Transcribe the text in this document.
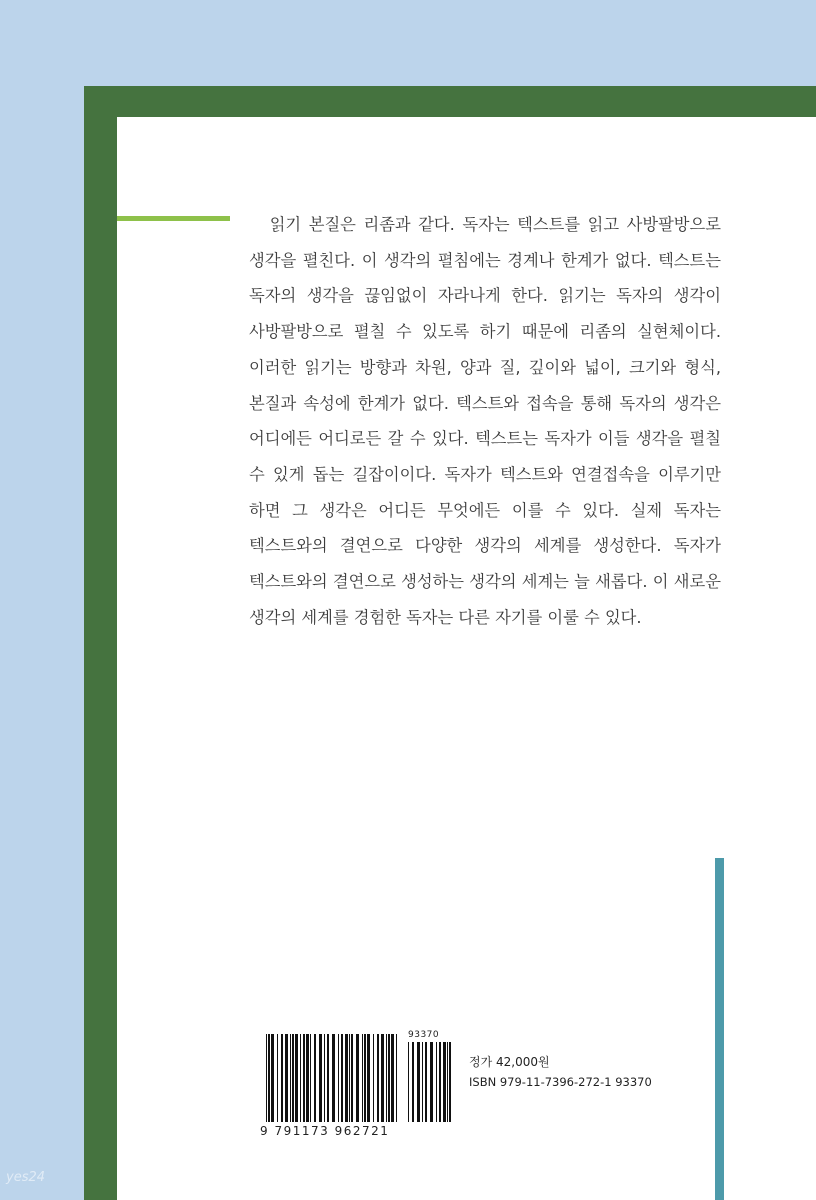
읽기 본질은 리좀과 같다. 독자는 텍스트를 읽고 사방팔방으로 생각을 펼친다. 이 생각의 펼침에는 경계나 한계가 없다. 텍스트는 독자의 생각을 끊임없이 자라나게 한다. 읽기는 독자의 생각이 사방팔방으로 펼칠 수 있도록 하기 때문에 리좀의 실현체이다. 이러한 읽기는 방향과 차원, 양과 질, 깊이와 넓이, 크기와 형식, 본질과 속성에 한계가 없다. 텍스트와 접속을 통해 독자의 생각은 어디에든 어디로든 갈 수 있다. 텍스트는 독자가 이들 생각을 펼칠 수 있게 돕는 길잡이이다. 독자가 텍스트와 연결접속을 이루기만 하면 그 생각은 어디든 무엇에든 이를 수 있다. 실제 독자는 텍스트와의 결연으로 다양한 생각의 세계를 생성한다. 독자가 텍스트와의 결연으로 생성하는 생각의 세계는 늘 새롭다. 이 새로운 생각의 세계를 경험한 독자는 다른 자기를 이룰 수 있다.

93370
9 791173 962721
정가 42,000원
ISBN 979-11-7396-272-1 93370
yes24
